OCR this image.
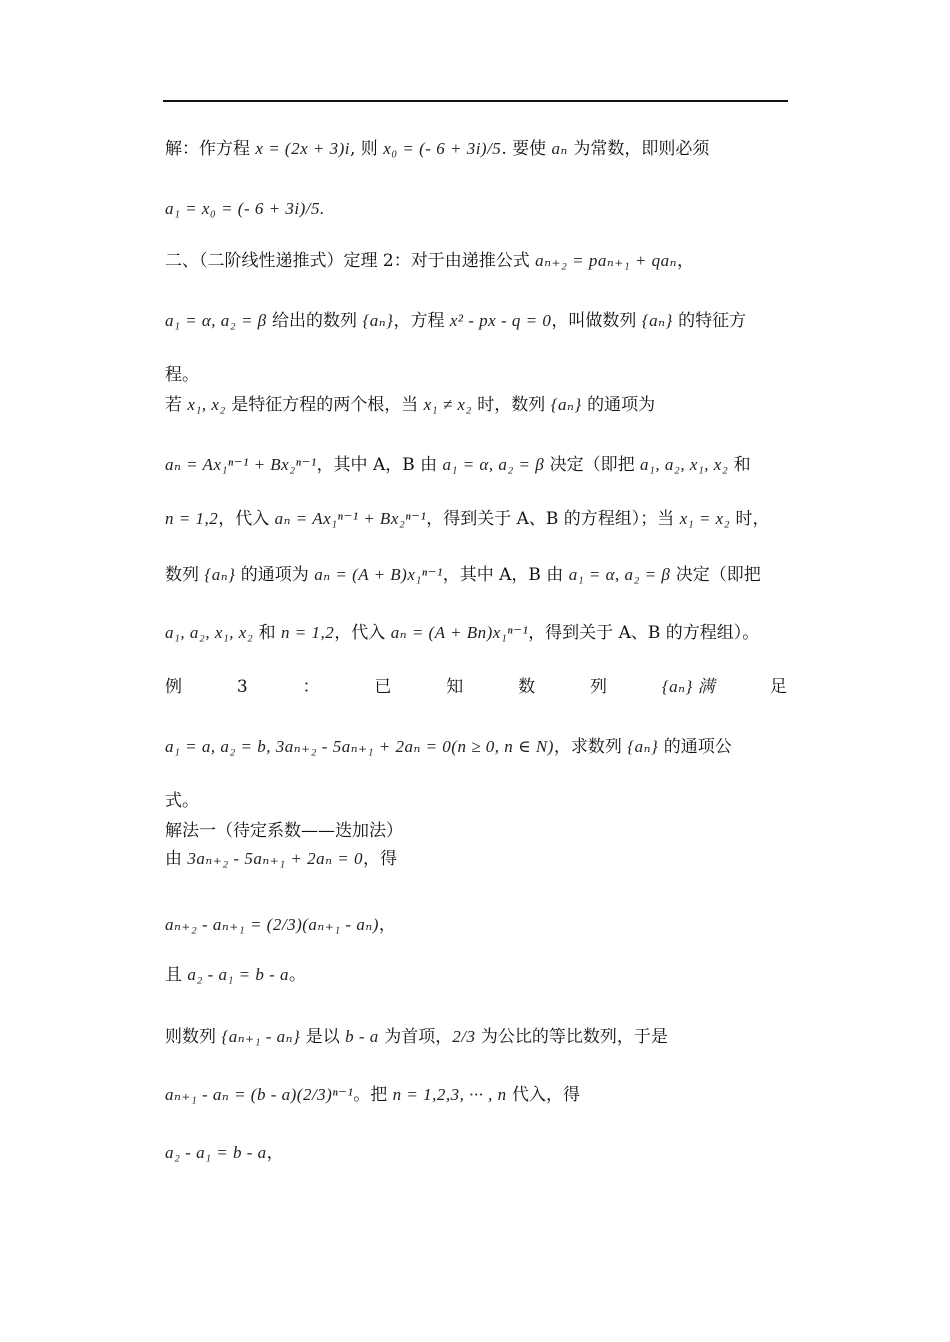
解：作方程 x = (2x + 3)i, 则 x₀ = (- 6 + 3i)/5. 要使 aₙ 为常数，即则必须
a₁ = x₀ = (- 6 + 3i)/5.
二、（二阶线性递推式）定理 2：对于由递推公式 aₙ₊₂ = paₙ₊₁ + qaₙ，
a₁ = α, a₂ = β 给出的数列 {aₙ}，方程 x² - px - q = 0，叫做数列 {aₙ} 的特征方
程。
若 x₁, x₂ 是特征方程的两个根，当 x₁ ≠ x₂ 时，数列 {aₙ} 的通项为
aₙ = Ax₁ⁿ⁻¹ + Bx₂ⁿ⁻¹，其中 A，B 由 a₁ = α, a₂ = β 决定（即把 a₁, a₂, x₁, x₂ 和
n = 1,2，代入 aₙ = Ax₁ⁿ⁻¹ + Bx₂ⁿ⁻¹，得到关于 A、B 的方程组）；当 x₁ = x₂ 时，
数列 {aₙ} 的通项为 aₙ = (A + B)x₁ⁿ⁻¹，其中 A，B 由 a₁ = α, a₂ = β 决定（即把
a₁, a₂, x₁, x₂ 和 n = 1,2，代入 aₙ = (A + Bn)x₁ⁿ⁻¹，得到关于 A、B 的方程组）。
例	3	：	已	知	数	列	{aₙ} 满	足
a₁ = a, a₂ = b, 3aₙ₊₂ - 5aₙ₊₁ + 2aₙ = 0(n ≥ 0, n ∈ N)，求数列 {aₙ} 的通项公
式。
解法一（待定系数——迭加法）
由 3aₙ₊₂ - 5aₙ₊₁ + 2aₙ = 0，得
aₙ₊₂ - aₙ₊₁ = (2/3)(aₙ₊₁ - aₙ)，
且 a₂ - a₁ = b - a。
则数列 {aₙ₊₁ - aₙ} 是以 b - a 为首项，2/3 为公比的等比数列，于是
aₙ₊₁ - aₙ = (b - a)(2/3)ⁿ⁻¹。把 n = 1,2,3, ··· , n 代入，得
a₂ - a₁ = b - a，
